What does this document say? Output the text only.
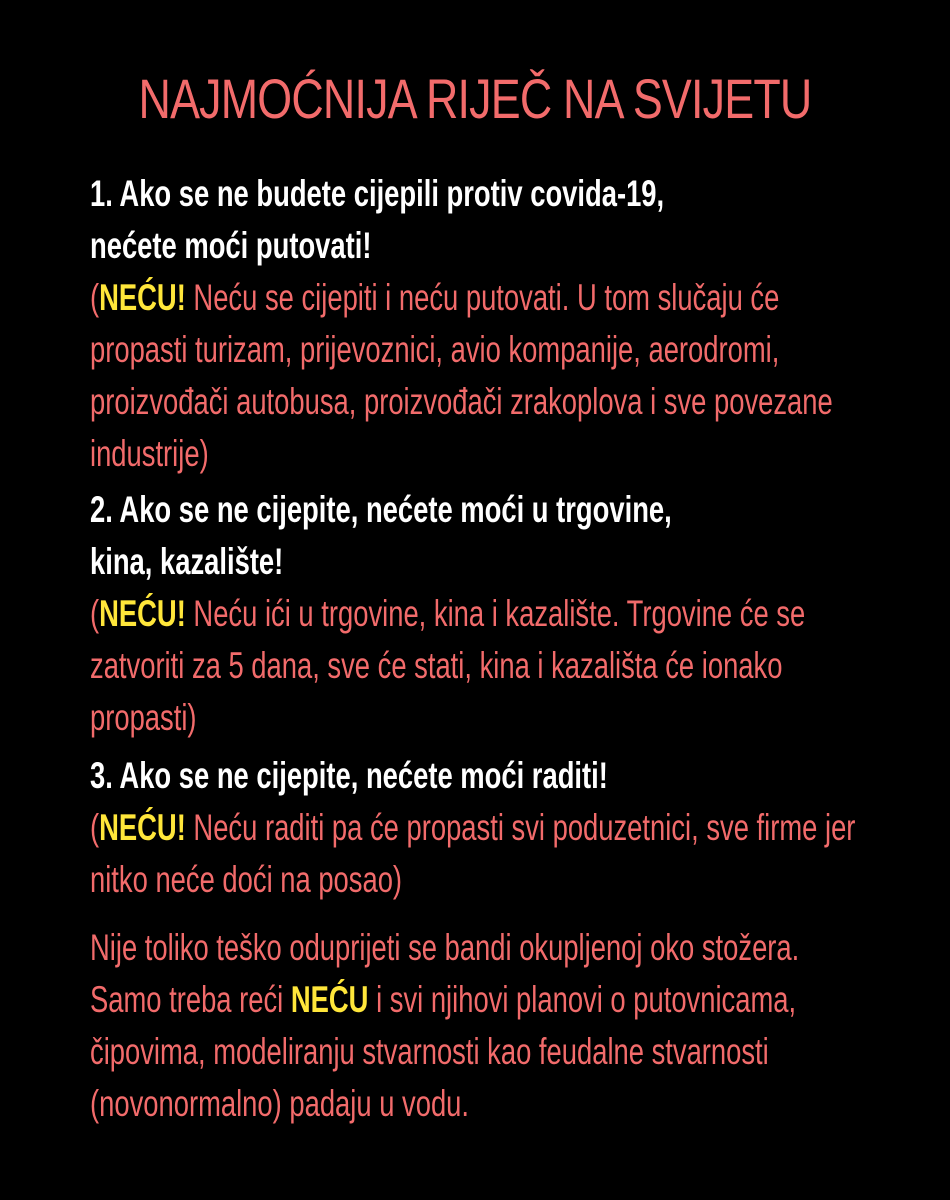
NAJMOĆNIJA RIJEČ NA SVIJETU
1. Ako se ne budete cijepili protiv covida-19,
nećete moći putovati!
(NEĆU! Neću se cijepiti i neću putovati. U tom slučaju će propasti turizam, prijevoznici, avio kompanije, aerodromi, proizvođači autobusa, proizvođači zrakoplova i sve povezane industrije)
2. Ako se ne cijepite, nećete moći u trgovine,
kina, kazalište!
(NEĆU! Neću ići u trgovine, kina i kazalište. Trgovine će se zatvoriti za 5 dana, sve će stati, kina i kazališta će ionako propasti)
3. Ako se ne cijepite, nećete moći raditi!
(NEĆU! Neću raditi pa će propasti svi poduzetnici, sve firme jer nitko neće doći na posao)
Nije toliko teško oduprijeti se bandi okupljenoj oko stožera. Samo treba reći NEĆU i svi njihovi planovi o putovnicama, čipovima, modeliranju stvarnosti kao feudalne stvarnosti (novonormalno) padaju u vodu.
